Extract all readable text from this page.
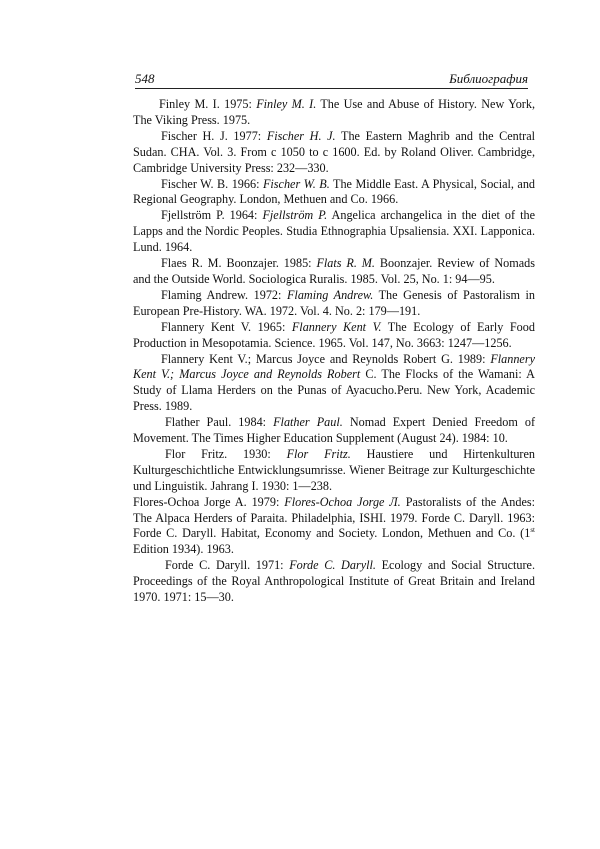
548	Библиография

Finley M. I. 1975: Finley M. I. The Use and Abuse of History. New York, The Viking Press. 1975.

Fischer H. J. 1977: Fischer H. J. The Eastern Maghrib and the Central Sudan. CHA. Vol. 3. From c 1050 to c 1600. Ed. by Roland Oliver. Cambridge, Cambridge University Press: 232—330.

Fischer W. B. 1966: Fischer W. B. The Middle East. A Physical, Social, and Regional Geography. London, Methuen and Co. 1966.

Fjellström P. 1964: Fjellström P. Angelica archangelica in the diet of the Lapps and the Nordic Peoples. Studia Ethnographia Upsaliensia. XXI. Lapponica. Lund. 1964.

Flaes R. M. Boonzajer. 1985: Flats R. M. Boonzajer. Review of Nomads and the Outside World. Sociologica Ruralis. 1985. Vol. 25, No. 1: 94—95.

Flaming Andrew. 1972: Flaming Andrew. The Genesis of Pastoralism in European Pre-History. WA. 1972. Vol. 4. No. 2: 179—191.

Flannery Kent V. 1965: Flannery Kent V. The Ecology of Early Food Production in Mesopotamia. Science. 1965. Vol. 147, No. 3663: 1247—1256.

Flannery Kent V.; Marcus Joyce and Reynolds Robert G. 1989: Flannery Kent V.; Marcus Joyce and Reynolds Robert C. The Flocks of the Wamani: A Study of Llama Herders on the Punas of Ayacucho.Peru. New York, Academic Press. 1989.

Flather Paul. 1984: Flather Paul. Nomad Expert Denied Freedom of Movement. The Times Higher Education Supplement (August 24). 1984: 10.

Flor Fritz. 1930: Flor Fritz. Haustiere und Hirtenkulturen Kulturgeschichtliche Entwicklungsumrisse. Wiener Beitrage zur Kulturgeschichte und Linguistik. Jahrang I. 1930: 1—238.

Flores-Ochoa Jorge A. 1979: Flores-Ochoa Jorge Л. Pastoralists of the Andes: The Alpaca Herders of Paraita. Philadelphia, ISHI. 1979. Forde C. Daryll. 1963: Forde C. Daryll. Habitat, Economy and Society. London, Methuen and Co. (1st Edition 1934). 1963.

Forde C. Daryll. 1971: Forde C. Daryll. Ecology and Social Structure. Proceedings of the Royal Anthropological Institute of Great Britain and Ireland 1970. 1971: 15—30.
